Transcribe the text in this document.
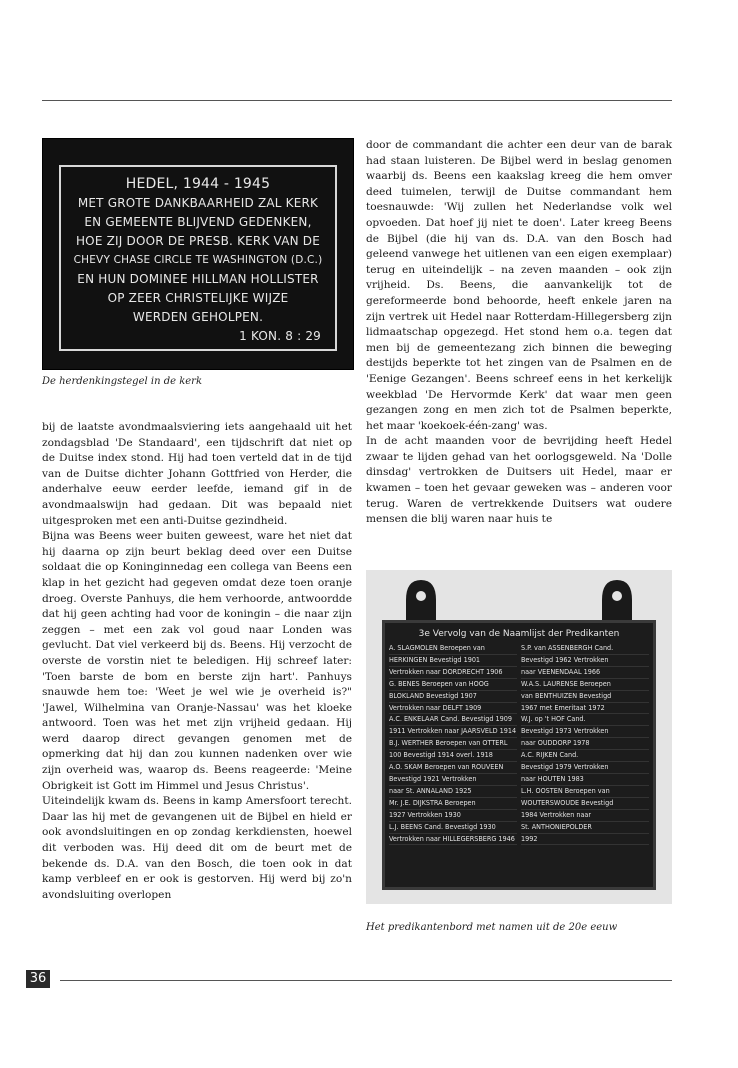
HEDEL, 1944 - 1945
MET GROTE DANKBAARHEID ZAL KERK
EN GEMEENTE BLIJVEND GEDENKEN,
HOE ZIJ DOOR DE PRESB. KERK VAN DE
CHEVY CHASE CIRCLE TE WASHINGTON (D.C.)
EN HUN DOMINEE HILLMAN HOLLISTER
OP ZEER CHRISTELIJKE WIJZE
WERDEN GEHOLPEN.
1 KON. 8 : 29
De herdenkingstegel in de kerk

bij de laatste avondmaalsviering iets aangehaald uit het zondagsblad 'De Standaard', een tijdschrift dat niet op de Duitse index stond. Hij had toen verteld dat in de tijd van de Duitse dichter Johann Gottfried von Herder, die anderhalve eeuw eerder leefde, iemand gif in de avondmaalswijn had gedaan. Dit was bepaald niet uitgesproken met een anti-Duitse gezindheid.

Bijna was Beens weer buiten geweest, ware het niet dat hij daarna op zijn beurt beklag deed over een Duitse soldaat die op Koninginnedag een collega van Beens een klap in het gezicht had gegeven omdat deze toen oranje droeg. Overste Panhuys, die hem verhoorde, antwoordde dat hij geen achting had voor de koningin – die naar zijn zeggen – met een zak vol goud naar Londen was gevlucht. Dat viel verkeerd bij ds. Beens. Hij verzocht de overste de vorstin niet te beledigen. Hij schreef later: 'Toen barste de bom en berste zijn hart'. Panhuys snauwde hem toe: 'Weet je wel wie je overheid is?" 'Jawel, Wilhelmina van Oranje-Nassau' was het kloeke antwoord. Toen was het met zijn vrijheid gedaan. Hij werd daarop direct gevangen genomen met de opmerking dat hij dan zou kunnen nadenken over wie zijn overheid was, waarop ds. Beens reageerde: 'Meine Obrigkeit ist Gott im Himmel und Jesus Christus'.

Uiteindelijk kwam ds. Beens in kamp Amersfoort terecht. Daar las hij met de gevangenen uit de Bijbel en hield er ook avondsluitingen en op zondag kerkdiensten, hoewel dit verboden was. Hij deed dit om de beurt met de bekende ds. D.A. van den Bosch, die toen ook in dat kamp verbleef en er ook is gestorven. Hij werd bij zo'n avondsluiting overlopen

door de commandant die achter een deur van de barak had staan luisteren. De Bijbel werd in beslag genomen waarbij ds. Beens een kaakslag kreeg die hem omver deed tuimelen, terwijl de Duitse commandant hem toesnauwde: 'Wij zullen het Nederlandse volk wel opvoeden. Dat hoef jij niet te doen'. Later kreeg Beens de Bijbel (die hij van ds. D.A. van den Bosch had geleend vanwege het uitlenen van een eigen exemplaar) terug en uiteindelijk – na zeven maanden – ook zijn vrijheid. Ds. Beens, die aanvankelijk tot de gereformeerde bond behoorde, heeft enkele jaren na zijn vertrek uit Hedel naar Rotterdam-Hillegersberg zijn lidmaatschap opgezegd. Het stond hem o.a. tegen dat men bij de gemeentezang zich binnen die beweging destijds beperkte tot het zingen van de Psalmen en de 'Eenige Gezangen'. Beens schreef eens in het kerkelijk weekblad 'De Hervormde Kerk' dat waar men geen gezangen zong en men zich tot de Psalmen beperkte, het maar 'koekoek-één-zang' was.

In de acht maanden voor de bevrijding heeft Hedel zwaar te lijden gehad van het oorlogsgeweld. Na 'Dolle dinsdag' vertrokken de Duitsers uit Hedel, maar er kwamen – toen het gevaar geweken was – anderen voor terug. Waren de vertrekkende Duitsers wat oudere mensen die blij waren naar huis te

3e Vervolg van de Naamlijst der Predikanten
A. SLAGMOLEN Beroepen van
HERKINGEN Bevestigd 1901
Vertrokken naar DORDRECHT 1906
G. BENES Beroepen van HOOG
BLOKLAND Bevestigd 1907
Vertrokken naar DELFT 1909
A.C. ENKELAAR Cand. Bevestigd 1909
1911 Vertrokken naar JAARSVELD 1914
B.J. WERTHER Beroepen van OTTERL
100 Bevestigd 1914 overl. 1918
A.O. SKAM Beroepen van ROUVEEN
Bevestigd 1921 Vertrokken
naar St. ANNALAND 1925
Mr. J.E. DIJKSTRA Beroepen
1927 Vertrokken 1930
L.J. BEENS Cand. Bevestigd 1930
Vertrokken naar HILLEGERSBERG 1946
S.P. van ASSENBERGH Cand.
Bevestigd 1962 Vertrokken
naar VEENENDAAL 1966
W.A.S. LAURENSE Beroepen
van BENTHUIZEN Bevestigd
1967 met Emeritaat 1972
W.J. op 't HOF Cand.
Bevestigd 1973 Vertrokken
naar OUDDORP 1978
A.C. RIJKEN Cand.
Bevestigd 1979 Vertrokken
naar HOUTEN 1983
L.H. OOSTEN Beroepen van
WOUTERSWOUDE Bevestigd
1984 Vertrokken naar
St. ANTHONIEPOLDER
1992
Het predikantenbord met namen uit de 20e eeuw
36
